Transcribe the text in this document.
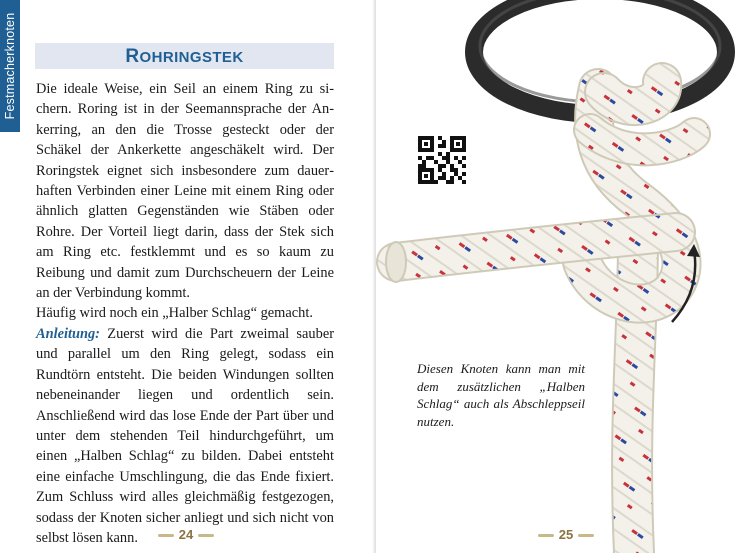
Festmacherknoten	ROHRINGSTEK

Die ideale Weise, ein Seil an einem Ring zu sichern. Roring ist in der Seemannsprache der Ankerring, an den die Trosse gesteckt oder der Schäkel der Ankerkette angeschäkelt wird. Der Roringstek eignet sich insbesondere zum dauerhaften Verbinden einer Leine mit einem Ring oder ähnlich glatten Gegenständen wie Stäben oder Rohre. Der Vorteil liegt darin, dass der Stek sich am Ring etc. festklemmt und es so kaum zu Reibung und damit zum Durchscheuern der Leine an der Verbindung kommt.

Häufig wird noch ein „Halber Schlag“ gemacht.

Anleitung: Zuerst wird die Part zweimal sauber und parallel um den Ring gelegt, sodass ein Rundtörn entsteht. Die beiden Windungen sollten nebeneinander liegen und ordentlich sein. Anschließend wird das lose Ende der Part über und unter dem stehenden Teil hindurchgeführt, um einen „Halben Schlag“ zu bilden. Dabei entsteht eine einfache Umschlingung, die das Ende fixiert. Zum Schluss wird alles gleichmäßig festgezogen, sodass der Knoten sicher anliegt und sich nicht von selbst lösen kann.	24
Diesen Knoten kann man mit dem zusätzlichen „Halben Schlag“ auch als Abschleppseil nutzen.
25
